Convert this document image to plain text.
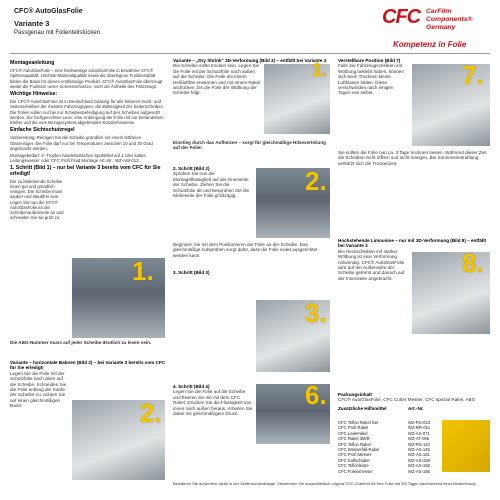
CFC® AutoGlasFolie
Variante 3
Passgenau mit Folienteilstücken
CFC CarFilm
Components®
Germany
Kompetenz in Folie
Montageanleitung
CFC® AutoGlasFolie – eine hochwertige AutoGlasFolie in bewährter CFC® Spitzenqualität. Höchste Materialqualität sowie die überlegene Funktionalität bilden die Basis für dieses erstklassige Produkt. CFC® AutoGlasFolie überzeugt weder die Funktion unser Sonnenschutzes, noch die Ästhetik des Fahrzeugs.
Wichtige Hinweise:
Die CFC® AutoGlasFolie ist in Deutschland zulässig für alle hinteren Heck- und Seitenscheiben der meisten Fahrzeugtypen, die Zulässigkeit der Seitenscheiben. Die Folien sollen nur bei zur Scheibenbefestigung auf den Scheiben aufgesetzt werden. Zur fachgerechten Lese, eine Anbringung der Folie mit nur behandeltem Kleber und die vom Bezugssystem abgebenden Kundenhinweise.
Einfache Sichtschutzregel
Vorbereitung: Reinigen Sie die Scheibe gründlich mit einem fettfreien Glasreiniger. Die Folie darf nur bei Temperaturen zwischen 10 und 30 Grad angebracht werden.
Montagebedarf: 2- Tropfen handelsübliches Spülmittel auf 1 Liter kaltes Leitungswasser oder CFC Profi Fluid Montage Art.-Nr.: WZ-AW-013.
1. Schritt (Bild 1) – nur bei Variante 3 bereits vom CFC für Sie erledigt!
Die zu beklebende Scheibe innen gut und gründlich reinigen. Die Scheibe muss sauber und staubfrei sein. Legen Sie nun die CFC® AutoGlasFolie an die Scheibenaußenseite an und schneiden Sie sie grob zu.
1.
Die ABG-Nummer muss auf jeder Scheibe deutlich zu lesen sein.
Variante – horizontale Bahnen (Bild 2) – bei Variante 3 bereits vom CFC für Sie erledigt!
Legen Sie die Folie mit der Schutzfolie nach oben auf die Scheibe. Schneiden Sie die Folie entlang der Kante der Scheibe zu. Achten Sie auf einen gleichmäßigen Rand.	2.
Variante – „Dry Shrink“ 3D-Verformung (Bild 3) – entfällt bei Variante 3
Die Scheibe sollte trocken sein. Legen Sie die Folie mit der Schutzfolie nach außen auf die Scheibe. Die Folie mit einem Heißluftfön erwärmen und mit einem Rakel andrücken, bis die Folie der Wölbung der Scheibe folgt.
1.
Einstieg durch das Aufheizen – sorgt für gleichmäßige Hitzeverteilung auf der Folie!
2. Schritt (Bild 2)
Sprühen Sie nun die Montageflüssigkeit auf die Innenseite der Scheibe. Ziehen Sie die Schutzfolie ab und besprühen Sie die Klebeseite der Folie großzügig.	2.
Beginnen Sie mit dem Positionieren der Folie an der Scheibe. Das gleichmäßige Aufsprühen sorgt dafür, dass die Folie exakt ausgerichtet werden kann.
3. Schritt (Bild 3)
3.
4. Schritt (Bild 4)
Legen Sie die Folie auf die Scheibe und fixieren Sie sie mit dem CFC Rakel. Drücken Sie die Flüssigkeit von innen nach außen heraus. Arbeiten Sie dabei mit gleichmäßigem Druck.
6.
Verstellbare Position (Bild 7)
Falls Sie Fahrzeugscheiben mit Wölbung beklebt haben, können sich beim Trocknen kleine Luftblasen bilden. Diese verschwinden nach einigen Tagen von selbst.
7.
Sie sollten die Folie nun ca. 3 Tage trocknen lassen. Während dieser Zeit die Scheiben nicht öffnen und nicht reinigen. Bei Sonneneinstrahlung verkürzt sich die Trockenzeit.
Hochstehende Limousine – nur mit 3D-Verformung (Bild 8) – entfällt bei Variante 3
Bei Heckscheiben mit starker Wölbung ist eine Verformung notwendig. CFC® AutoGlasFolie wird auf der Außenseite der Scheibe geformt und danach auf der Innenseite angebracht.
8.
Packungsinhalt
CFC® AutoGlasFolie, CFC Cutter Messer, CFC spezial Rakel, ABG
Zusätzliche Hilfsmittel	Art.-Nr.
CFC Teflon Rakel Set	WZ-RS-013
CFC Profi Rakel	WZ-RR-011
CFC Lederrakel	WZ-AS-071
CFC Rakel 3M/D	WZ-AT-006
CFC Teflon Rakel	WZ-RS-110
CFC Wasserfall-Rakel	WZ-AS-145
CFC Profi Messer	WZ-AS-161
CFC Kalfschaber	WZ-AS-158
CFC Teflonleiste	WZ-AS-150
CFC Folienmesser	WZ-AS-155
Bewahren Sie außerdem diese in der Seitenschutzanlage. Verwenden Sie ausschließlich original CFC-Zubehör für Ihre Folie mit 3/5 Tagen nachwirkend einer Bestimmung.
